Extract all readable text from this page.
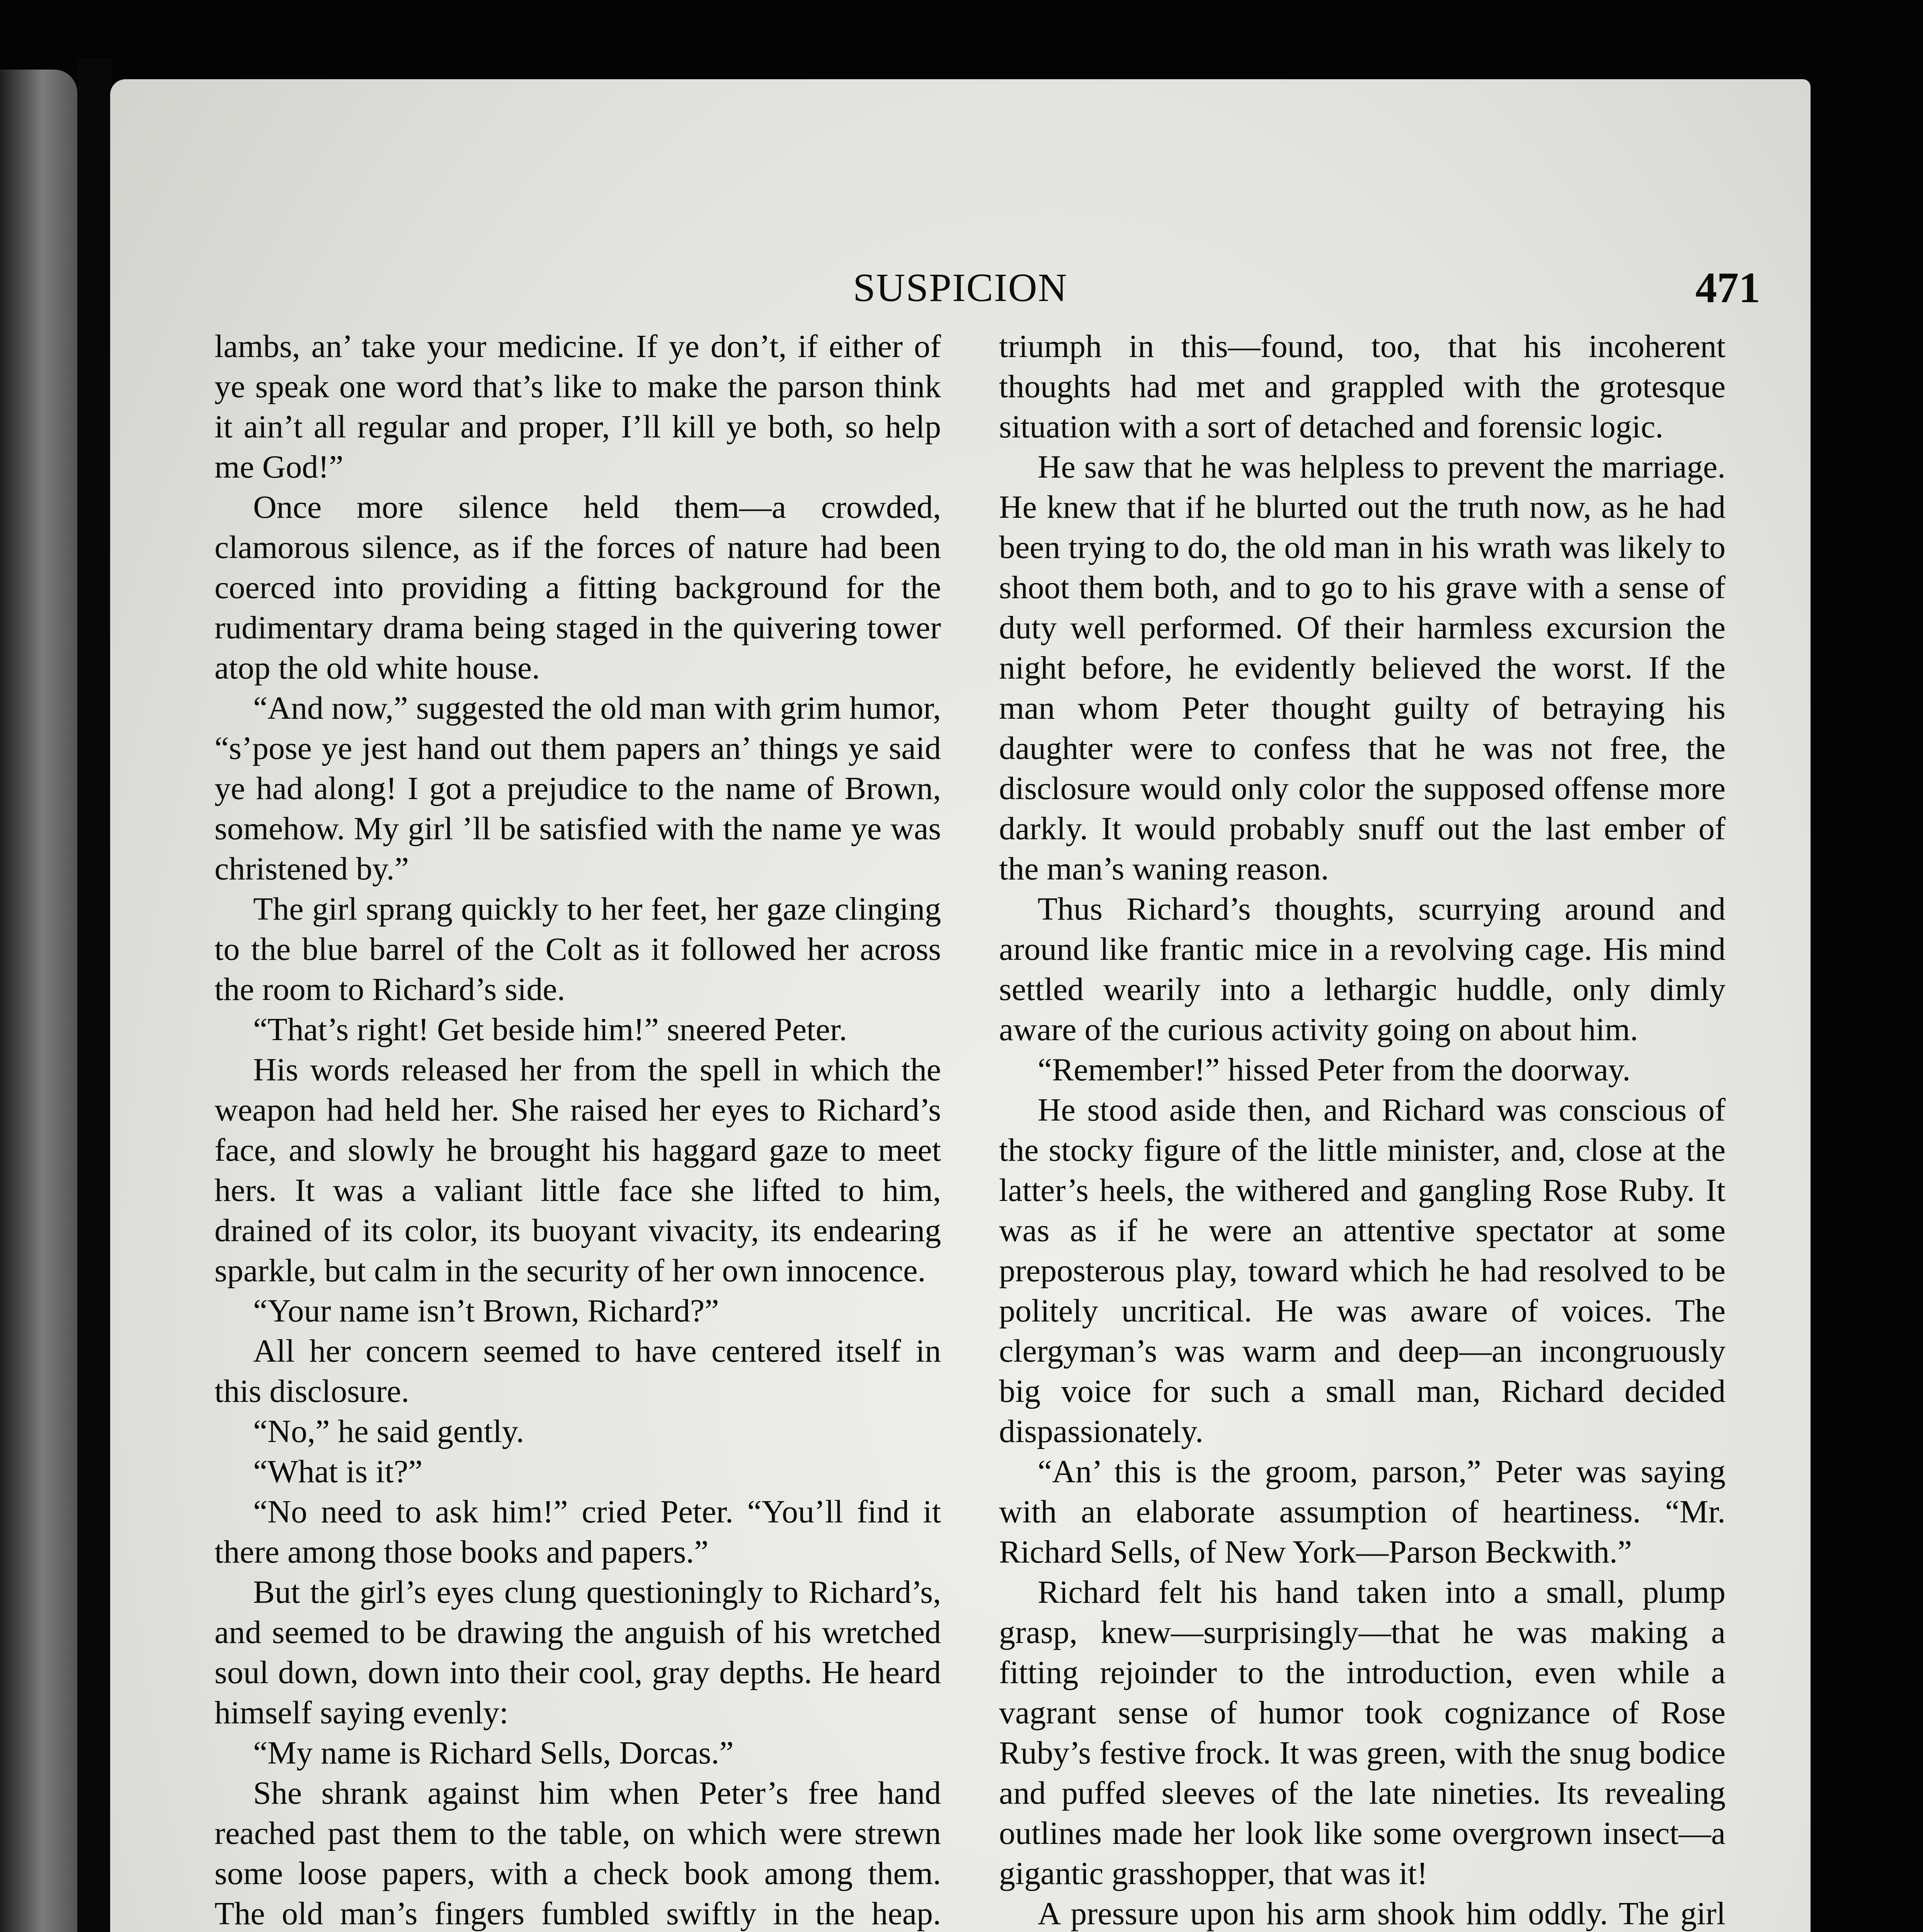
SUSPICION	471

lambs, an’ take your medicine. If ye don’t, if either of ye speak one word that’s like to make the parson think it ain’t all regular and proper, I’ll kill ye both, so help me God!”

Once more silence held them—a crowded, clamorous silence, as if the forces of nature had been coerced into providing a fitting background for the rudimentary drama being staged in the quivering tower atop the old white house.

“And now,” suggested the old man with grim humor, “s’pose ye jest hand out them papers an’ things ye said ye had along! I got a prejudice to the name of Brown, somehow. My girl ’ll be satisfied with the name ye was christened by.”

The girl sprang quickly to her feet, her gaze clinging to the blue barrel of the Colt as it followed her across the room to Richard’s side.

“That’s right! Get beside him!” sneered Peter.

His words released her from the spell in which the weapon had held her. She raised her eyes to Richard’s face, and slowly he brought his haggard gaze to meet hers. It was a valiant little face she lifted to him, drained of its color, its buoyant vivacity, its endearing sparkle, but calm in the security of her own innocence.

“Your name isn’t Brown, Richard?”

All her concern seemed to have centered itself in this disclosure.

“No,” he said gently.

“What is it?”

“No need to ask him!” cried Peter. “You’ll find it there among those books and papers.”

But the girl’s eyes clung questioningly to Richard’s, and seemed to be drawing the anguish of his wretched soul down, down into their cool, gray depths. He heard himself saying evenly:

“My name is Richard Sells, Dorcas.”

She shrank against him when Peter’s free hand reached past them to the table, on which were strewn some loose papers, with a check book among them. The old man’s fingers fumbled swiftly in the heap.

triumph in this—found, too, that his incoherent thoughts had met and grappled with the grotesque situation with a sort of detached and forensic logic.

He saw that he was helpless to prevent the marriage. He knew that if he blurted out the truth now, as he had been trying to do, the old man in his wrath was likely to shoot them both, and to go to his grave with a sense of duty well performed. Of their harmless excursion the night before, he evidently believed the worst. If the man whom Peter thought guilty of betraying his daughter were to confess that he was not free, the disclosure would only color the supposed offense more darkly. It would probably snuff out the last ember of the man’s waning reason.

Thus Richard’s thoughts, scurrying around and around like frantic mice in a revolving cage. His mind settled wearily into a lethargic huddle, only dimly aware of the curious activity going on about him.

“Remember!” hissed Peter from the doorway.

He stood aside then, and Richard was conscious of the stocky figure of the little minister, and, close at the latter’s heels, the withered and gangling Rose Ruby. It was as if he were an attentive spectator at some preposterous play, toward which he had resolved to be politely uncritical. He was aware of voices. The clergyman’s was warm and deep—an incongruously big voice for such a small man, Richard decided dispassionately.

“An’ this is the groom, parson,” Peter was saying with an elaborate assumption of heartiness. “Mr. Richard Sells, of New York—Parson Beckwith.”

Richard felt his hand taken into a small, plump grasp, knew—surprisingly—that he was making a fitting rejoinder to the introduction, even while a vagrant sense of humor took cognizance of Rose Ruby’s festive frock. It was green, with the snug bodice and puffed sleeves of the late nineties. Its revealing outlines made her look like some overgrown insect—a gigantic grasshopper, that was it!

A pressure upon his arm shook him oddly. The girl
